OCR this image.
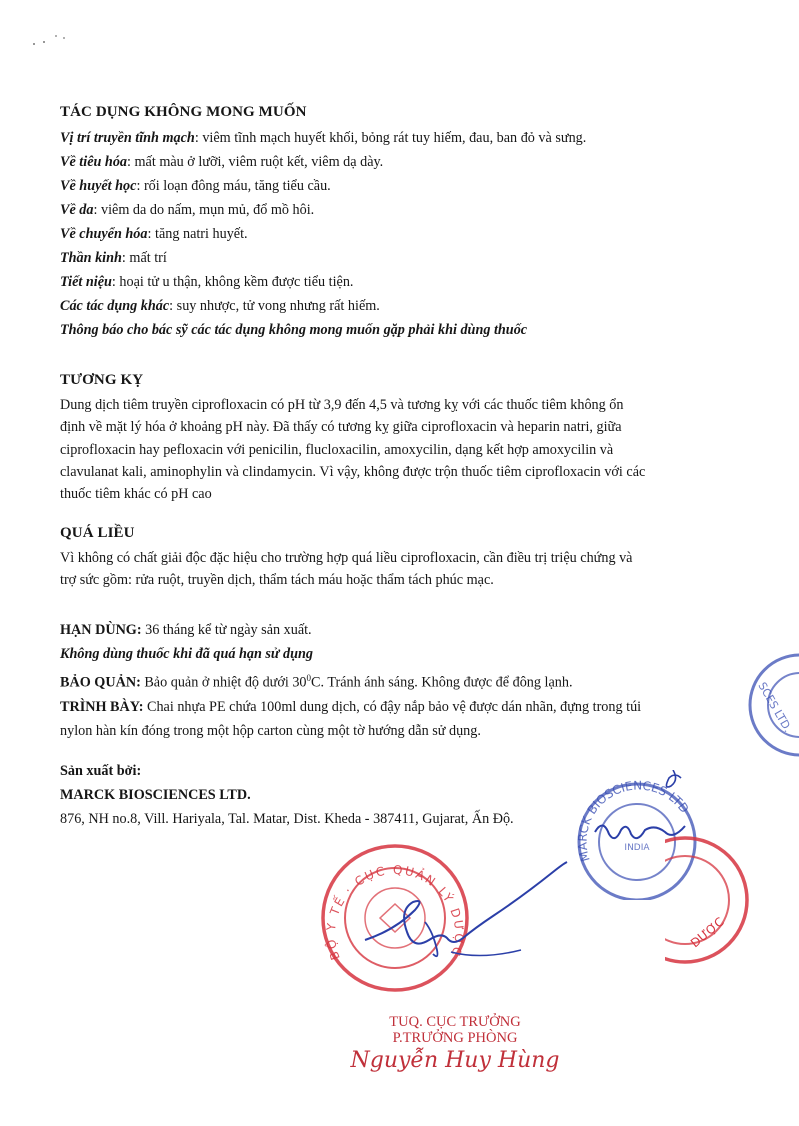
TÁC DỤNG KHÔNG MONG MUỐN

Vị trí truyền tĩnh mạch: viêm tĩnh mạch huyết khối, bỏng rát tuy hiếm, đau, ban đỏ và sưng.

Về tiêu hóa: mất màu ở lưỡi, viêm ruột kết, viêm dạ dày.

Về huyết học: rối loạn đông máu, tăng tiểu cầu.

Về da: viêm da do nấm, mụn mủ, đổ mồ hôi.

Về chuyển hóa: tăng natri huyết.

Thần kinh: mất trí

Tiết niệu: hoại tử u thận, không kềm được tiểu tiện.

Các tác dụng khác: suy nhược, tử vong nhưng rất hiếm.

Thông báo cho bác sỹ các tác dụng không mong muốn gặp phải khi dùng thuốc

TƯƠNG KỴ

Dung dịch tiêm truyền ciprofloxacin có pH từ 3,9 đến 4,5 và tương kỵ với các thuốc tiêm không ổn

định về mặt lý hóa ở khoảng pH này. Đã thấy có tương kỵ giữa ciprofloxacin và heparin natri, giữa

ciprofloxacin hay pefloxacin với penicilin, flucloxacilin, amoxycilin, dạng kết hợp amoxycilin và

clavulanat kali, aminophylin và clindamycin. Vì vậy, không được trộn thuốc tiêm ciprofloxacin với các

thuốc tiêm khác có pH cao

QUÁ LIỀU

Vì không có chất giải độc đặc hiệu cho trường hợp quá liều ciprofloxacin, cần điều trị triệu chứng và

trợ sức gồm: rửa ruột, truyền dịch, thẩm tách máu hoặc thẩm tách phúc mạc.

HẠN DÙNG: 36 tháng kể từ ngày sản xuất.

Không dùng thuốc khi đã quá hạn sử dụng

BẢO QUẢN: Bảo quản ở nhiệt độ dưới $30^0C$. Tránh ánh sáng. Không được để đông lạnh.

TRÌNH BÀY: Chai nhựa PE chứa 100ml dung dịch, có đậy nắp bảo vệ được dán nhãn, đựng trong túi

nylon hàn kín đóng trong một hộp carton cùng một tờ hướng dẫn sử dụng.

Sản xuất bởi:

MARCK BIOSCIENCES LTD.

876, NH no.8, Vill. Hariyala, Tal. Matar, Dist. Kheda - 387411, Gujarat, Ấn Độ.

SCES LTD.
MARCK BIOSCIENCES LTD
INDIA
BỘ Y TẾ · CỤC QUẢN LÝ DƯỢC
DƯỢC
TUQ. CỤC TRƯỞNG
P.TRƯỞNG PHÒNG
Nguyễn Huy Hùng
